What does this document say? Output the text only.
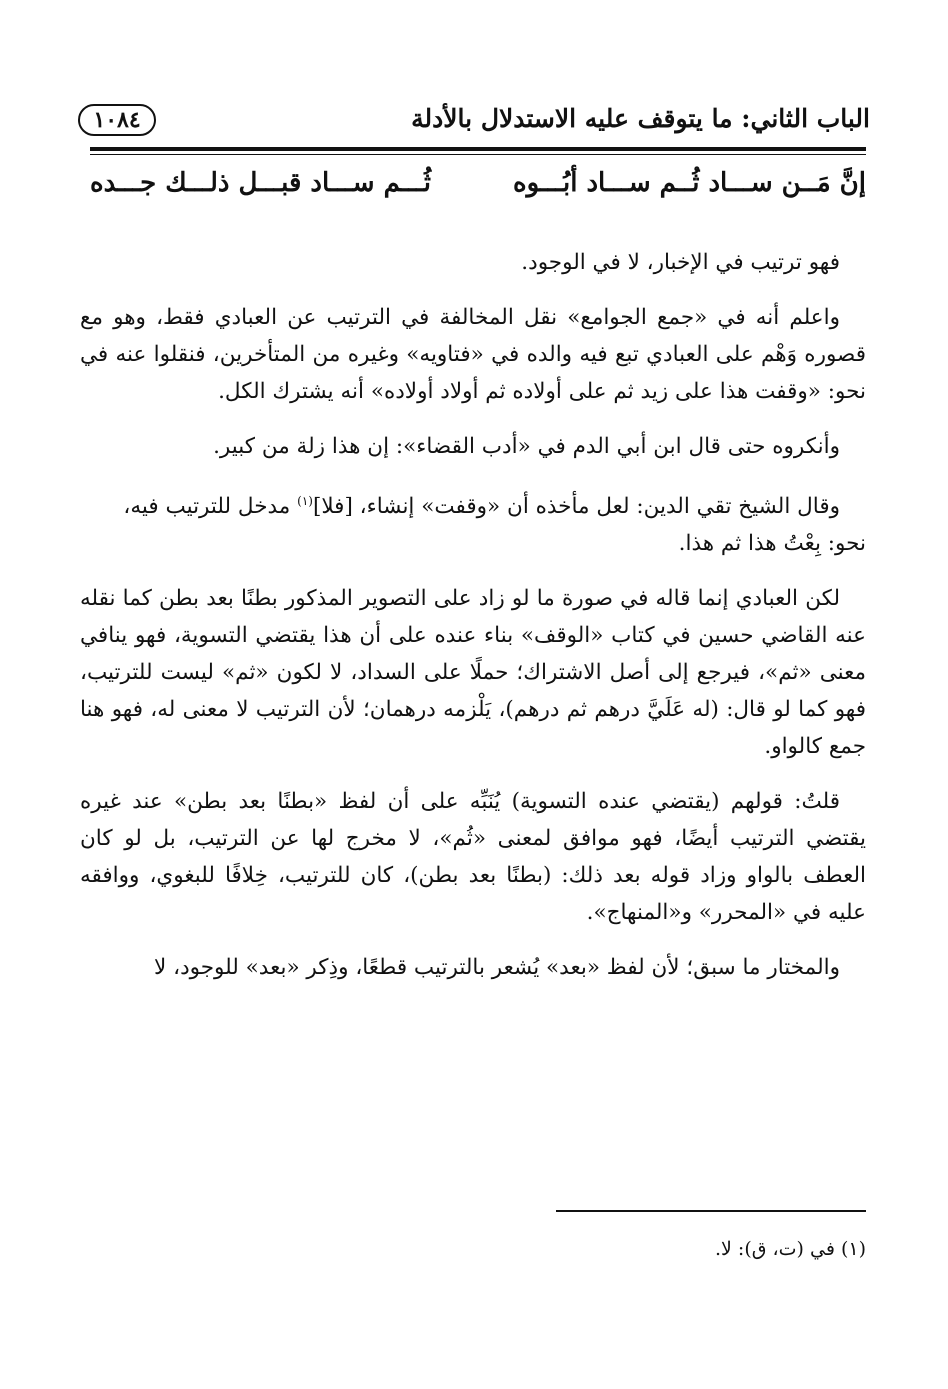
الباب الثاني: ما يتوقف عليه الاستدلال بالأدلة
١٠٨٤
إنَّ مَــن ســـاد ثُــم ســـاد أبُـــوه
ثُـــم ســـاد قبـــل ذلـــك جـــده

فهو ترتيب في الإخبار، لا في الوجود.

واعلم أنه في «جمع الجوامع» نقل المخالفة في الترتيب عن العبادي فقط، وهو مع قصوره وَهْم على العبادي تبع فيه والده في «فتاويه» وغيره من المتأخرين، فنقلوا عنه في نحو: «وقفت هذا على زيد ثم على أولاده ثم أولاد أولاده» أنه يشترك الكل.

وأنكروه حتى قال ابن أبي الدم في «أدب القضاء»: إن هذا زلة من كبير.

وقال الشيخ تقي الدين: لعل مأخذه أن «وقفت» إنشاء، [فلا]$^{(١)}$ مدخل للترتيب فيه،
نحو: بِعْتُ هذا ثم هذا.

لكن العبادي إنما قاله في صورة ما لو زاد على التصوير المذكور بطنًا بعد بطن كما نقله عنه القاضي حسين في كتاب «الوقف» بناء عنده على أن هذا يقتضي التسوية، فهو ينافي معنى «ثم»، فيرجع إلى أصل الاشتراك؛ حملًا على السداد، لا لكون «ثم» ليست للترتيب، فهو كما لو قال: (له عَلَيَّ درهم ثم درهم)، يَلْزمه درهمان؛ لأن الترتيب لا معنى له، فهو هنا جمع كالواو.

قلتُ: قولهم (يقتضي عنده التسوية) يُنَبِّه على أن لفظ «بطنًا بعد بطن» عند غيره يقتضي الترتيب أيضًا، فهو موافق لمعنى «ثُم»، لا مخرج لها عن الترتيب، بل لو كان العطف بالواو وزاد قوله بعد ذلك: (بطنًا بعد بطن)، كان للترتيب، خِلافًا للبغوي، ووافقه عليه في «المحرر» و«المنهاج».

والمختار ما سبق؛ لأن لفظ «بعد» يُشعر بالترتيب قطعًا، وذِكر «بعد» للوجود، لا

(١) في (ت، ق): لا.
